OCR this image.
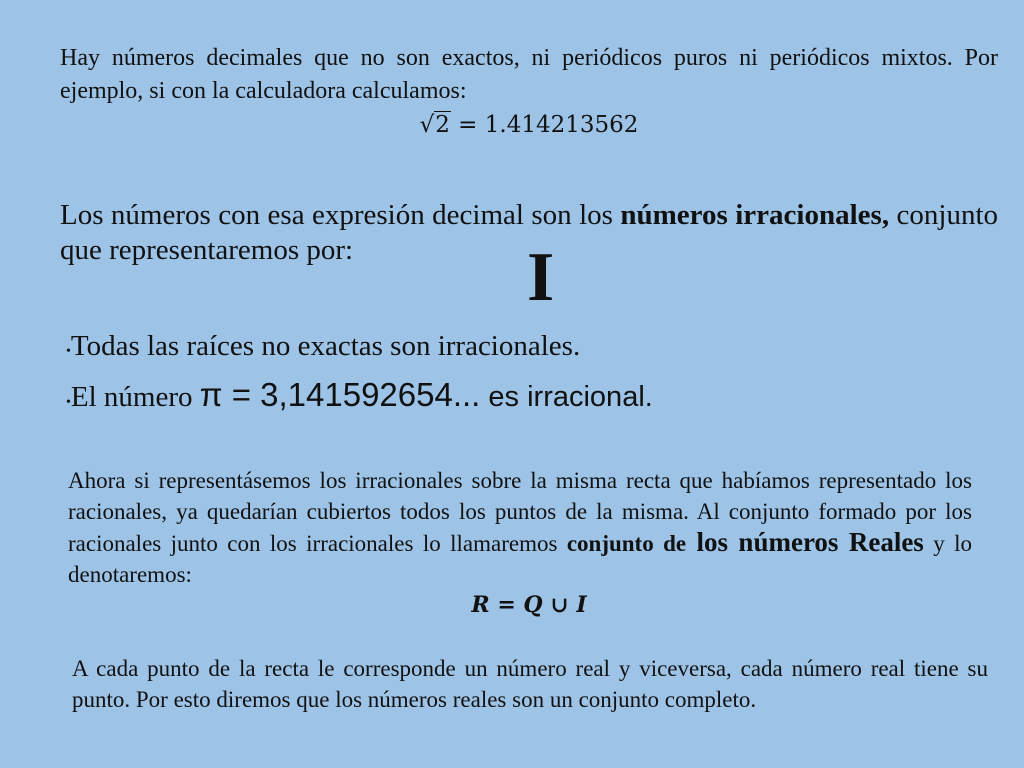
Hay números decimales que no son exactos, ni periódicos puros ni periódicos mixtos. Por ejemplo, si con la calculadora calculamos:
√2 = 1.414213562
Los números con esa expresión decimal son los números irracionales, conjunto que representaremos por:	I
•Todas las raíces no exactas son irracionales.
•El número π = 3,141592654... es irracional.
Ahora si representásemos los irracionales sobre la misma recta que habíamos representado los racionales, ya quedarían cubiertos todos los puntos de la misma. Al conjunto formado por los racionales junto con los irracionales lo llamaremos conjunto de los números Reales y lo denotaremos:
R = Q ∪ I
A cada punto de la recta le corresponde un número real y viceversa, cada número real tiene su punto. Por esto diremos que los números reales son un conjunto completo.
